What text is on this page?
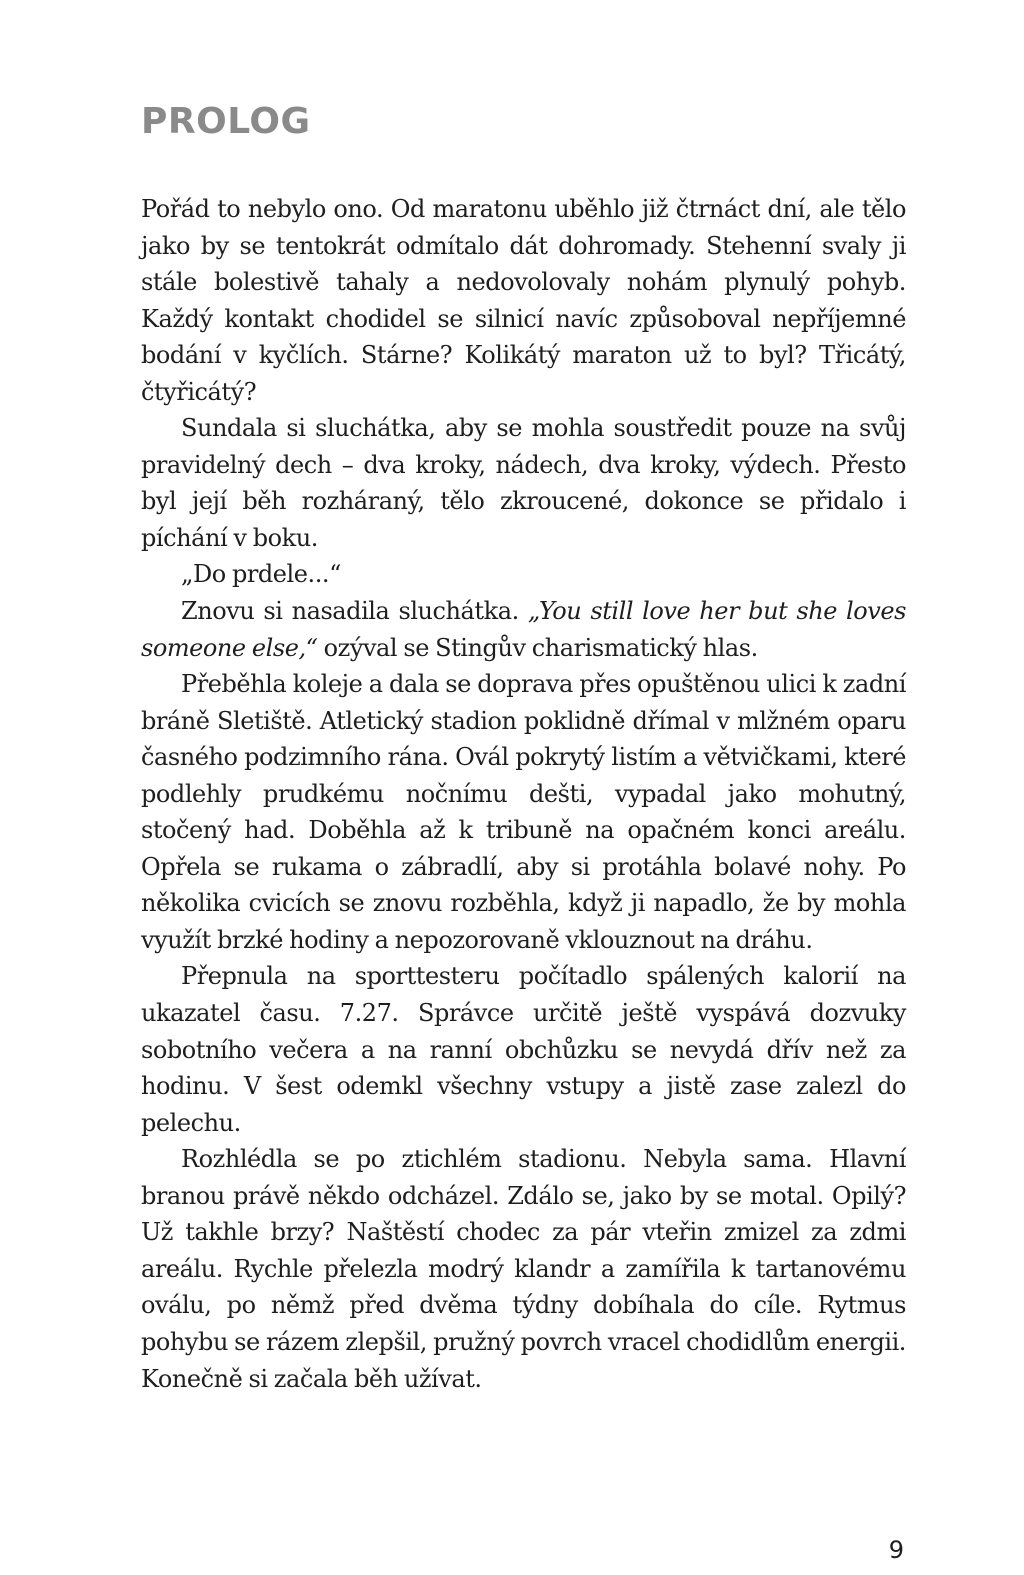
PROLOG

Pořád to nebylo ono. Od maratonu uběhlo již čtrnáct dní, ale tělo jako by se tentokrát odmítalo dát dohromady. Stehenní svaly ji stále bolestivě tahaly a nedovolovaly nohám plynulý pohyb. Každý kontakt chodidel se silnicí navíc způsoboval nepříjemné bodání v kyčlích. Stárne? Kolikátý maraton už to byl? Třicátý, čtyřicátý?

Sundala si sluchátka, aby se mohla soustředit pouze na svůj pravidelný dech – dva kroky, nádech, dva kroky, výdech. Přesto byl její běh rozháraný, tělo zkroucené, dokonce se přidalo i píchání v boku.

„Do prdele...“

Znovu si nasadila sluchátka. „You still love her but she loves someone else,“ ozýval se Stingův charismatický hlas.

Přeběhla koleje a dala se doprava přes opuštěnou ulici k zadní bráně Sletiště. Atletický stadion poklidně dřímal v mlžném oparu časného podzimního rána. Ovál pokrytý listím a větvičkami, které podlehly prudkému nočnímu dešti, vypadal jako mohutný, stočený had. Doběhla až k tribuně na opačném konci areálu. Opřela se rukama o zábradlí, aby si protáhla bolavé nohy. Po několika cvicích se znovu rozběhla, když ji napadlo, že by mohla využít brzké hodiny a nepozorovaně vklouznout na dráhu.

Přepnula na sporttesteru počítadlo spálených kalorií na ukazatel času. 7.27. Správce určitě ještě vyspává dozvuky sobotního večera a na ranní obchůzku se nevydá dřív než za hodinu. V šest odemkl všechny vstupy a jistě zase zalezl do pelechu.

Rozhlédla se po ztichlém stadionu. Nebyla sama. Hlavní branou právě někdo odcházel. Zdálo se, jako by se motal. Opilý? Už takhle brzy? Naštěstí chodec za pár vteřin zmizel za zdmi areálu. Rychle přelezla modrý klandr a zamířila k tartanovému oválu, po němž před dvěma týdny dobíhala do cíle. Rytmus pohybu se rázem zlepšil, pružný povrch vracel chodidlům energii. Konečně si začala běh užívat.

9
